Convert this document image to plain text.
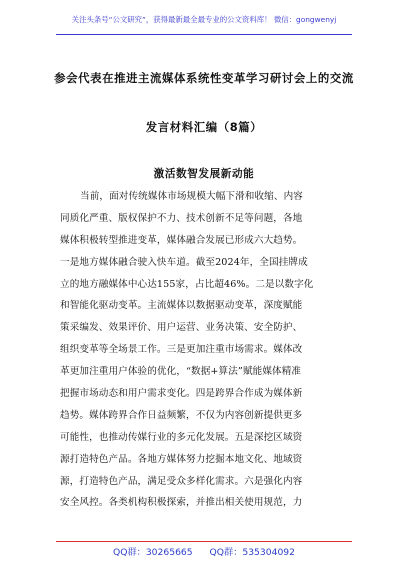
关注头条号“公文研究”，获得最新最全最专业的公文资料库！ 微信：gongwenyj
参会代表在推进主流媒体系统性变革学习研讨会上的交流
发言材料汇编（8篇）
激活数智发展新动能
当前，面对传统媒体市场规模大幅下滑和收缩、内容
同质化严重、版权保护不力、技术创新不足等问题，各地
媒体积极转型推进变革，媒体融合发展已形成六大趋势。
一是地方媒体融合驶入快车道。截至2024年，全国挂牌成
立的地方融媒体中心达155家，占比超46%。二是以数字化
和智能化驱动变革。主流媒体以数据驱动变革，深度赋能
策采编发、效果评价、用户运营、业务决策、安全防护、
组织变革等全场景工作。三是更加注重市场需求。媒体改
革更加注重用户体验的优化，“数据+算法”赋能媒体精准
把握市场动态和用户需求变化。四是跨界合作成为媒体新
趋势。媒体跨界合作日益频繁，不仅为内容创新提供更多
可能性，也推动传媒行业的多元化发展。五是深挖区域资
源打造特色产品。各地方媒体努力挖掘本地文化、地域资
源，打造特色产品，满足受众多样化需求。六是强化内容
安全风控。各类机构积极探索，并推出相关使用规范，力
QQ群：30265665 QQ群：535304092
